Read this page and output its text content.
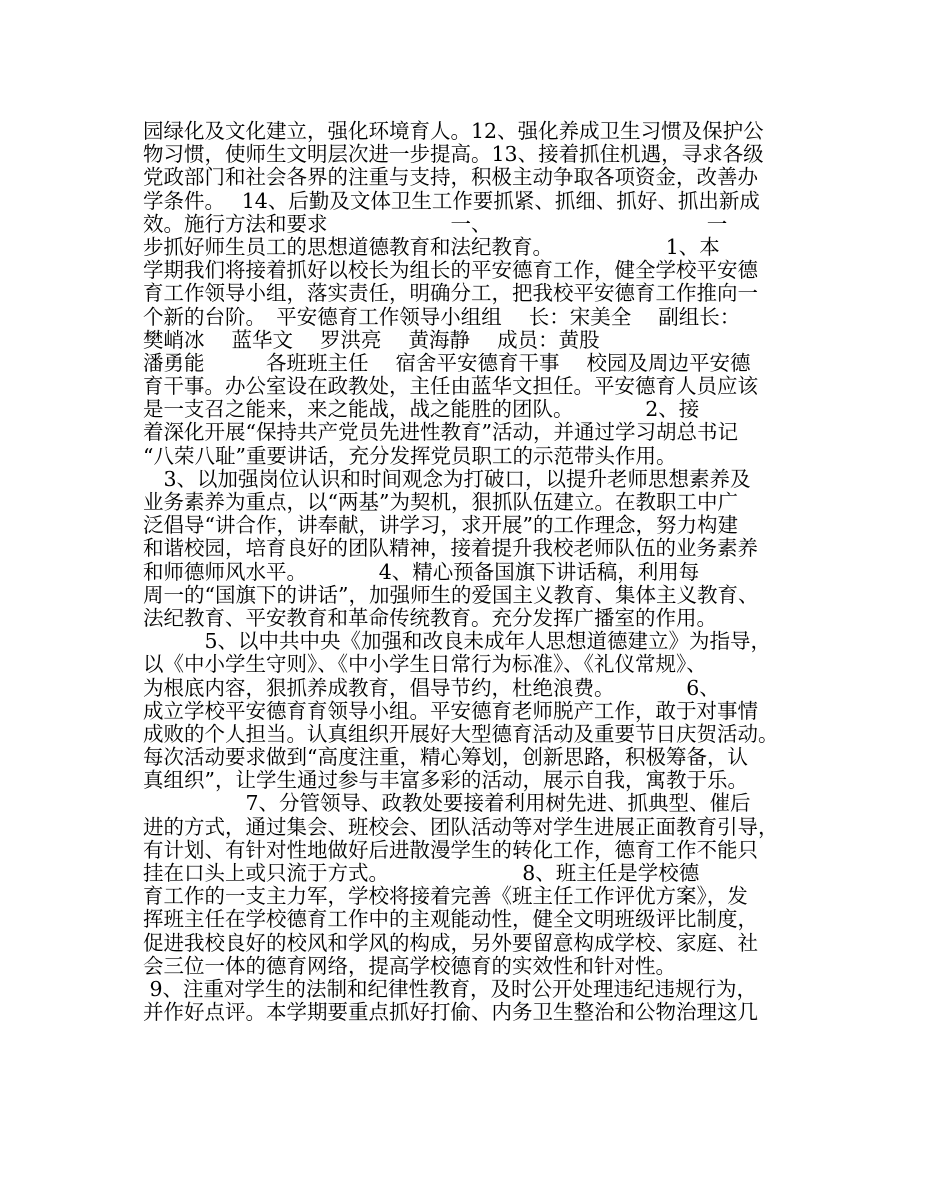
园绿化及文化建立，强化环境育人。12、强化养成卫生习惯及保护公
物习惯，使师生文明层次进一步提高。13、接着抓住机遇，寻求各级
党政部门和社会各界的注重与支持，积极主动争取各项资金，改善办
学条件。　 14、后勤及文体卫生工作要抓紧、抓细、抓好、抓出新成
效。施行方法和要求　　　　　　一、　　　　　　　　　　　一
步抓好师生员工的思想道德教育和法纪教育。　　　　　　1、本
学期我们将接着抓好以校长为组长的平安德育工作，健全学校平安德
育工作领导小组，落实责任，明确分工，把我校平安德育工作推向一
个新的台阶。　平安德育工作领导小组组　 长：宋美全　 副组长：
樊峭冰　 蓝华文　 罗洪亮　 黄海静　 成员：黄股
潘勇能　　　各班班主任　 宿舍平安德育干事　 校园及周边平安德
育干事。办公室设在政教处，主任由蓝华文担任。平安德育人员应该
是一支召之能来，来之能战，战之能胜的团队。　　　　2、接
着深化开展“保持共产党员先进性教育”活动，并通过学习胡总书记
“八荣八耻”重要讲话，充分发挥党员职工的示范带头作用。
　3、以加强岗位认识和时间观念为打破口，以提升老师思想素养及
业务素养为重点，以“两基”为契机，狠抓队伍建立。在教职工中广
泛倡导“讲合作，讲奉献，讲学习，求开展”的工作理念，努力构建
和谐校园，培育良好的团队精神，接着提升我校老师队伍的业务素养
和师德师风水平。　　　　4、精心预备国旗下讲话稿，利用每
周一的“国旗下的讲话”，加强师生的爱国主义教育、集体主义教育、
法纪教育、平安教育和革命传统教育。充分发挥广播室的作用。
　　　5、以中共中央《加强和改良未成年人思想道德建立》为指导，
以《中小学生守则》、《中小学生日常行为标准》、《礼仪常规》、
为根底内容，狠抓养成教育，倡导节约，杜绝浪费。　　　　6、
成立学校平安德育育领导小组。平安德育老师脱产工作，敢于对事情
成败的个人担当。认真组织开展好大型德育活动及重要节日庆贺活动。
每次活动要求做到“高度注重，精心筹划，创新思路，积极筹备，认
真组织”，让学生通过参与丰富多彩的活动，展示自我，寓教于乐。
　　　　　7、分管领导、政教处要接着利用树先进、抓典型、催后
进的方式，通过集会、班校会、团队活动等对学生进展正面教育引导，
有计划、有针对性地做好后进散漫学生的转化工作，德育工作不能只
挂在口头上或只流于方式。　　　　　　　8、班主任是学校德
育工作的一支主力军，学校将接着完善《班主任工作评优方案》，发
挥班主任在学校德育工作中的主观能动性，健全文明班级评比制度，
促进我校良好的校风和学风的构成，另外要留意构成学校、家庭、社
会三位一体的德育网络，提高学校德育的实效性和针对性。
9、注重对学生的法制和纪律性教育，及时公开处理违纪违规行为，
并作好点评。本学期要重点抓好打偷、内务卫生整治和公物治理这几
